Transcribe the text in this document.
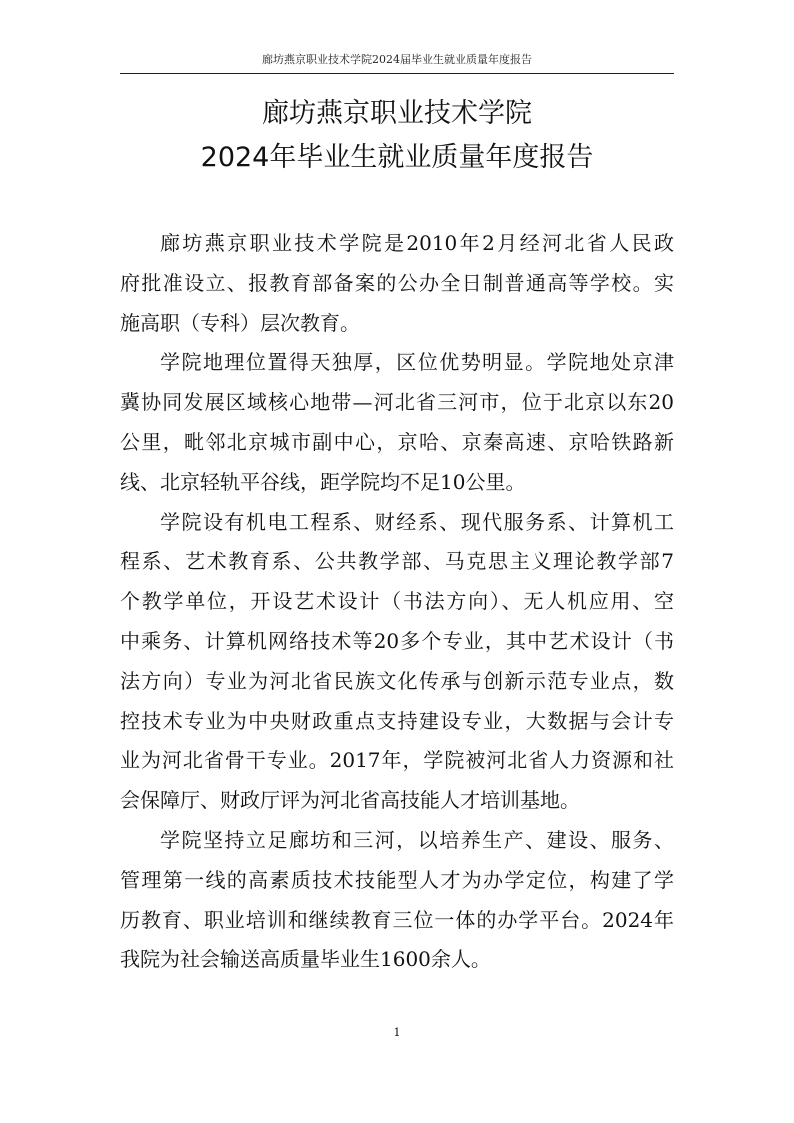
廊坊燕京职业技术学院2024届毕业生就业质量年度报告
廊坊燕京职业技术学院
2024年毕业生就业质量年度报告

廊坊燕京职业技术学院是2010年2月经河北省人民政
府批准设立、报教育部备案的公办全日制普通高等学校。实
施高职（专科）层次教育。

学院地理位置得天独厚，区位优势明显。学院地处京津
冀协同发展区域核心地带—河北省三河市，位于北京以东20
公里，毗邻北京城市副中心，京哈、京秦高速、京哈铁路新
线、北京轻轨平谷线，距学院均不足10公里。

学院设有机电工程系、财经系、现代服务系、计算机工
程系、艺术教育系、公共教学部、马克思主义理论教学部7
个教学单位，开设艺术设计（书法方向）、无人机应用、空
中乘务、计算机网络技术等20多个专业，其中艺术设计（书
法方向）专业为河北省民族文化传承与创新示范专业点，数
控技术专业为中央财政重点支持建设专业，大数据与会计专
业为河北省骨干专业。2017年，学院被河北省人力资源和社
会保障厅、财政厅评为河北省高技能人才培训基地。

学院坚持立足廊坊和三河，以培养生产、建设、服务、
管理第一线的高素质技术技能型人才为办学定位，构建了学
历教育、职业培训和继续教育三位一体的办学平台。2024年
我院为社会输送高质量毕业生1600余人。

1
